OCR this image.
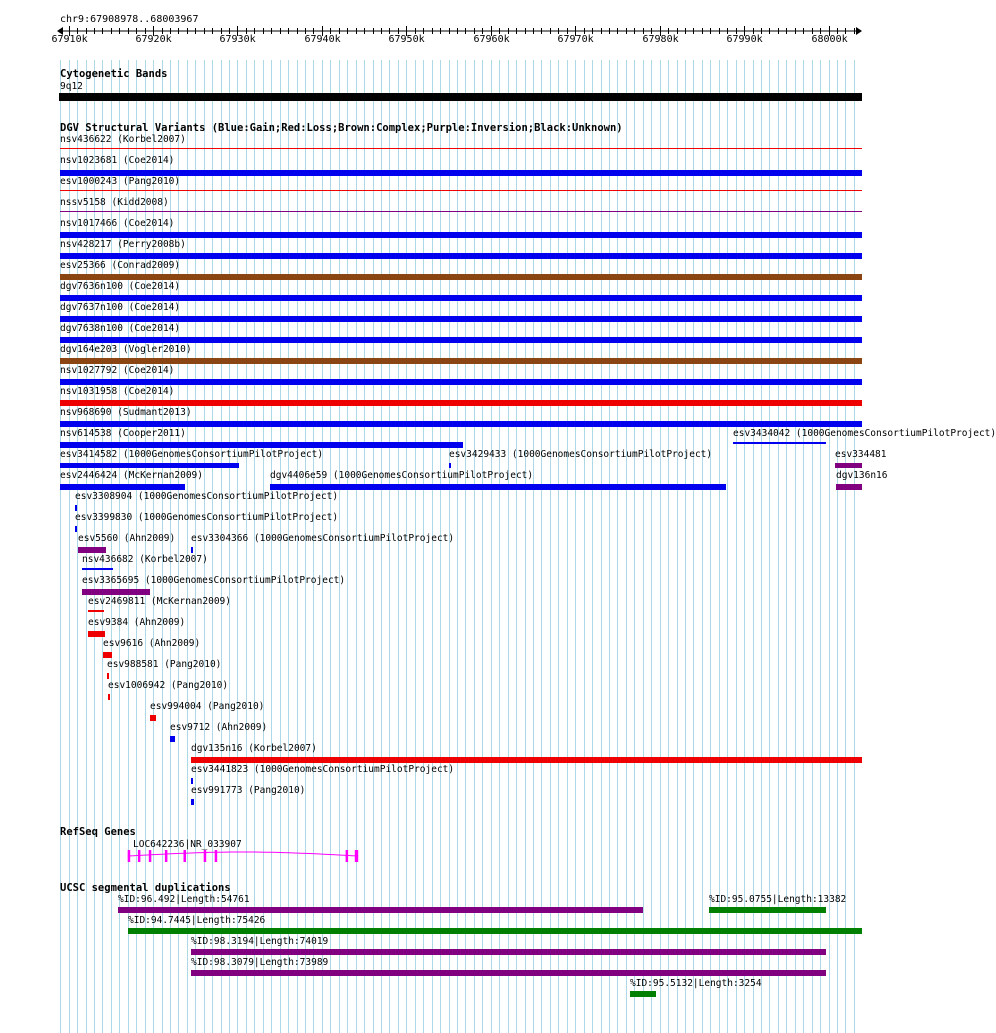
chr9:67908978..68003967
67910k	67920k	67930k	67940k	67950k	67960k	67970k	67980k	67990k	68000k
Cytogenetic Bands
9q12
DGV Structural Variants (Blue:Gain;Red:Loss;Brown:Complex;Purple:Inversion;Black:Unknown)
nsv436622 (Korbel2007)
nsv1023681 (Coe2014)
esv1000243 (Pang2010)
nssv5158 (Kidd2008)
nsv1017466 (Coe2014)
nsv428217 (Perry2008b)
esv25366 (Conrad2009)
dgv7636n100 (Coe2014)
dgv7637n100 (Coe2014)
dgv7638n100 (Coe2014)
dgv164e203 (Vogler2010)
nsv1027792 (Coe2014)
nsv1031958 (Coe2014)
nsv968690 (Sudmant2013)
nsv614538 (Cooper2011)	esv3434042 (1000GenomesConsortiumPilotProject)
esv3414582 (1000GenomesConsortiumPilotProject)	esv3429433 (1000GenomesConsortiumPilotProject)	esv334481
esv2446424 (McKernan2009)	dgv4406e59 (1000GenomesConsortiumPilotProject)	dgv136n16
esv3308904 (1000GenomesConsortiumPilotProject)
esv3399830 (1000GenomesConsortiumPilotProject)
esv5560 (Ahn2009) esv3304366 (1000GenomesConsortiumPilotProject)
nsv436682 (Korbel2007)
esv3365695 (1000GenomesConsortiumPilotProject)
esv2469811 (McKernan2009)
esv9384 (Ahn2009)
esv9616 (Ahn2009)
esv988581 (Pang2010)
esv1006942 (Pang2010)
esv994004 (Pang2010)
esv9712 (Ahn2009)
dgv135n16 (Korbel2007)
esv3441823 (1000GenomesConsortiumPilotProject)
esv991773 (Pang2010)
RefSeq Genes
LOC642236|NR_033907
UCSC segmental duplications
%ID:96.492|Length:54761	%ID:95.0755|Length:13382
%ID:94.7445|Length:75426
%ID:98.3194|Length:74019
%ID:98.3079|Length:73989
%ID:95.5132|Length:3254
